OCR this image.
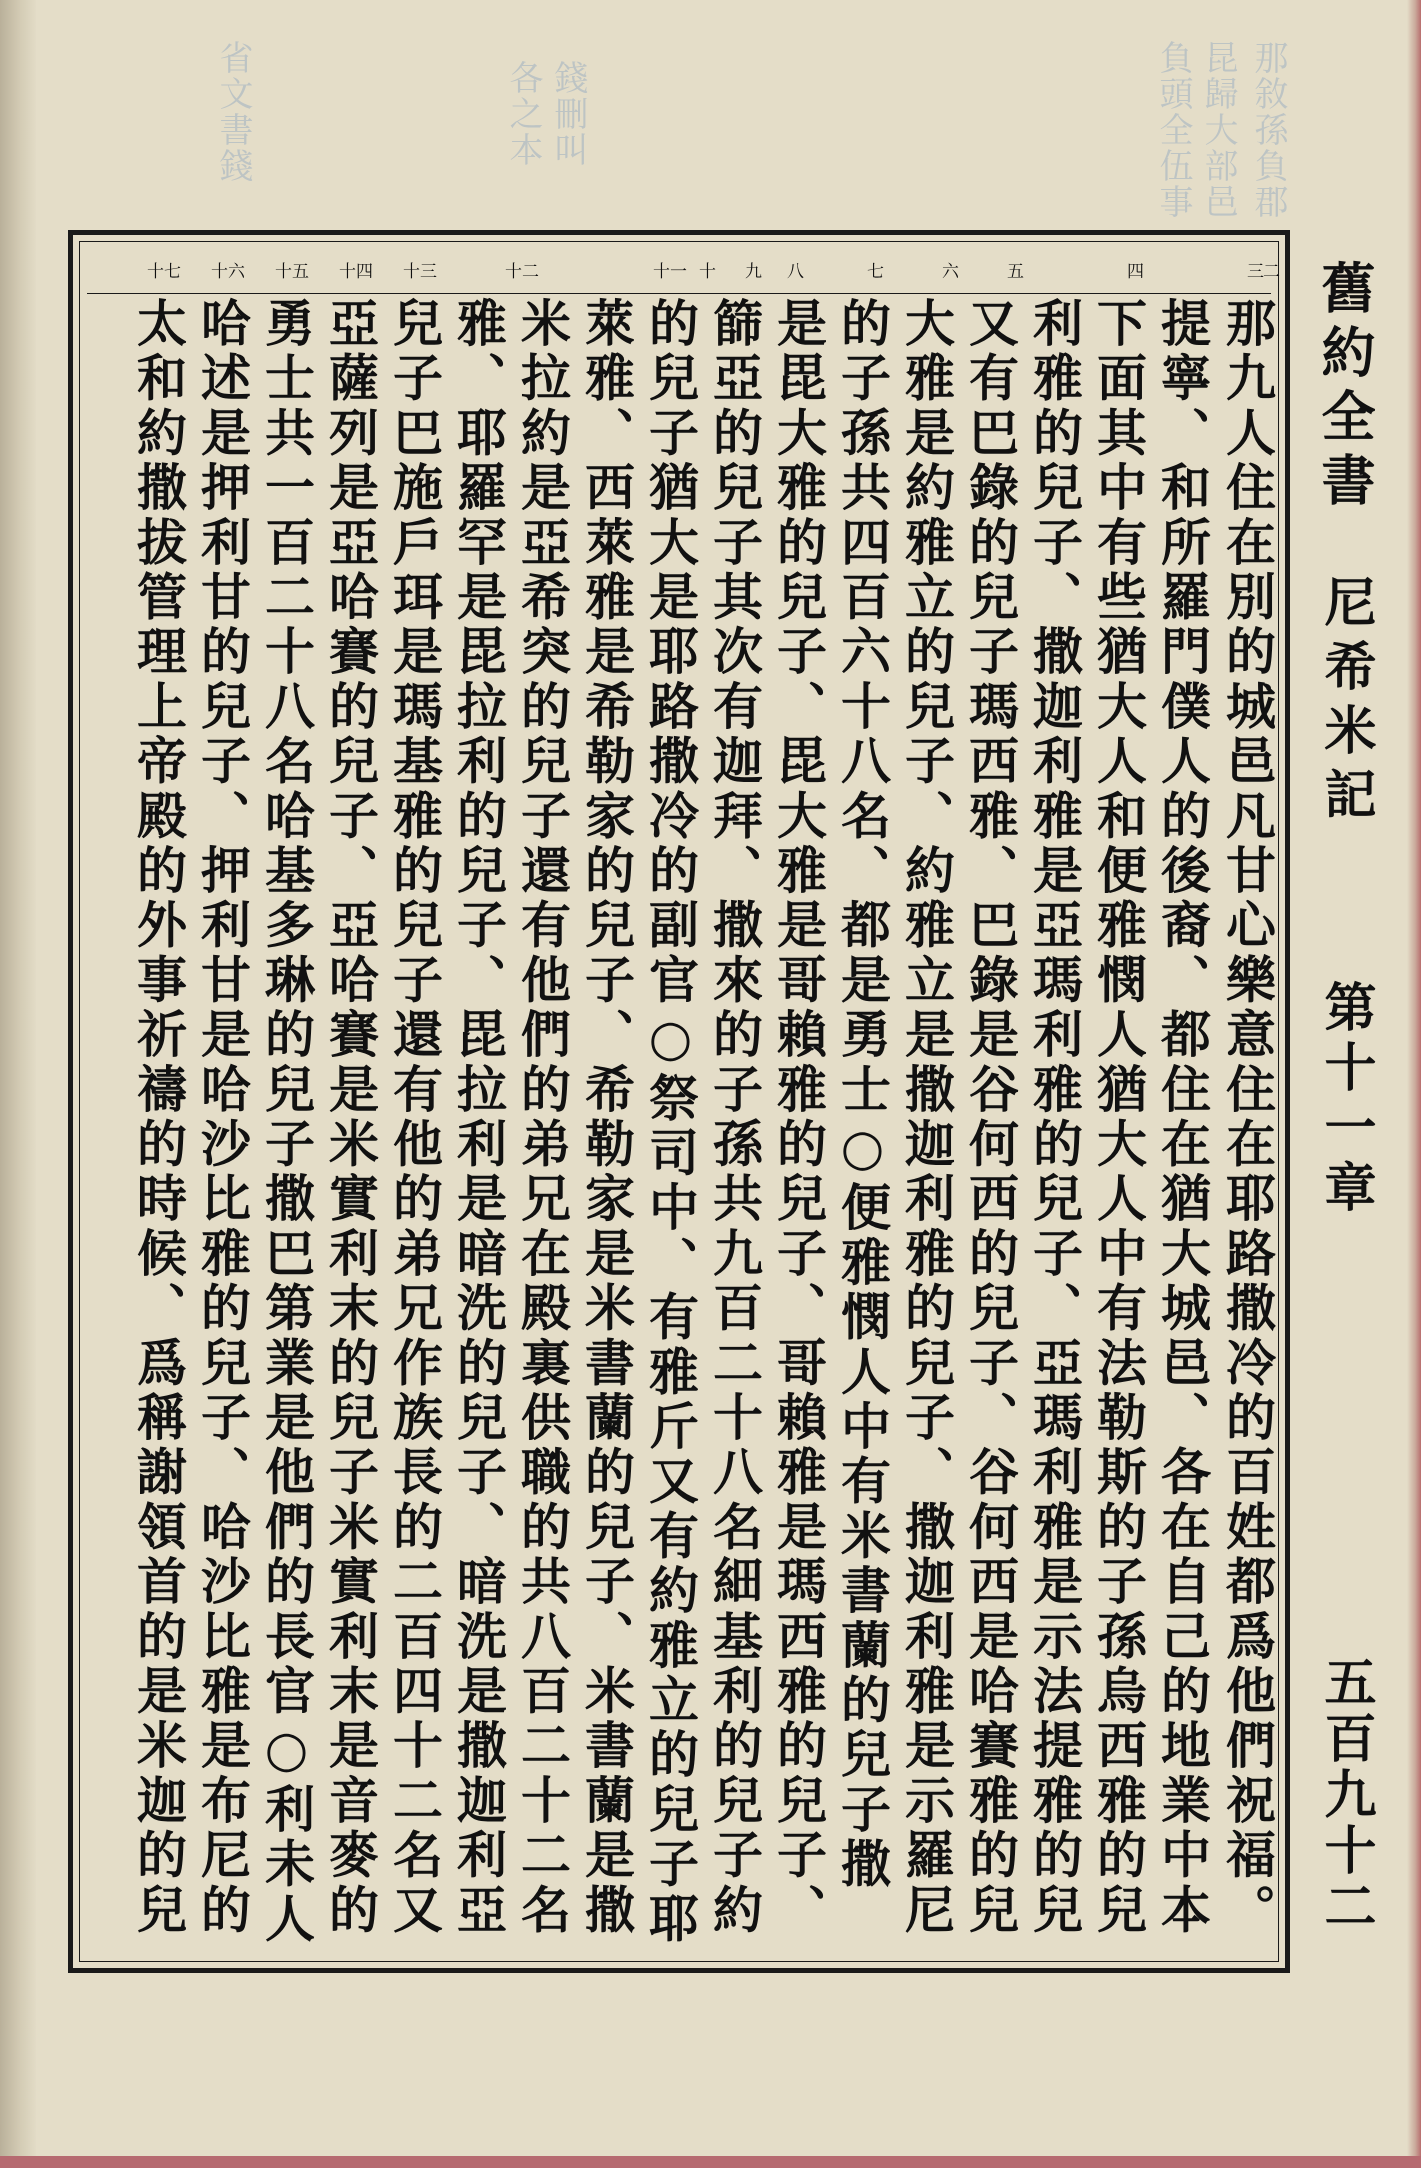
昆歸大部邑 那敘孫負郡
負頭全伍事
各之本 錢刪叫
省文書錢
舊約全書
尼希米記
第十一章
五百九十二
十七 十六 十五 十四 十三	十二	十一 十 九 八	七	六	五	四	三 二
那九人住在別的城邑凡甘心樂意住在耶路撒冷的百姓都爲他們祝福。
提寧、和所羅門僕人的後裔、都住在猶大城邑、各在自己的地業中本
下面其中有些猶大人和便雅憫人猶大人中有法勒斯的子孫烏西雅的兒
利雅的兒子、撒迦利雅是亞瑪利雅的兒子、亞瑪利雅是示法提雅的兒
又有巴錄的兒子瑪西雅、巴錄是谷何西的兒子、谷何西是哈賽雅的兒
大雅是約雅立的兒子、約雅立是撒迦利雅的兒子、撒迦利雅是示羅尼
的子孫共四百六十八名、都是勇士○便雅憫人中有米書蘭的兒子撒
是毘大雅的兒子、毘大雅是哥賴雅的兒子、哥賴雅是瑪西雅的兒子、
篩亞的兒子其次有迦拜、撒來的子孫共九百二十八名細基利的兒子約
的兒子猶大是耶路撒冷的副官○祭司中、有雅斤又有約雅立的兒子耶
萊雅、西萊雅是希勒家的兒子、希勒家是米書蘭的兒子、米書蘭是撒
米拉約是亞希突的兒子還有他們的弟兄在殿裏供職的共八百二十二名
雅、耶羅罕是毘拉利的兒子、毘拉利是暗洗的兒子、暗洗是撒迦利亞
兒子巴施戶珥是瑪基雅的兒子還有他的弟兄作族長的二百四十二名又
亞薩列是亞哈賽的兒子、亞哈賽是米實利末的兒子米實利末是音麥的
勇士共一百二十八名哈基多琳的兒子撒巴第業是他們的長官○利未人
哈述是押利甘的兒子、押利甘是哈沙比雅的兒子、哈沙比雅是布尼的
太和約撒拔管理上帝殿的外事祈禱的時候、爲稱謝領首的是米迦的兒
